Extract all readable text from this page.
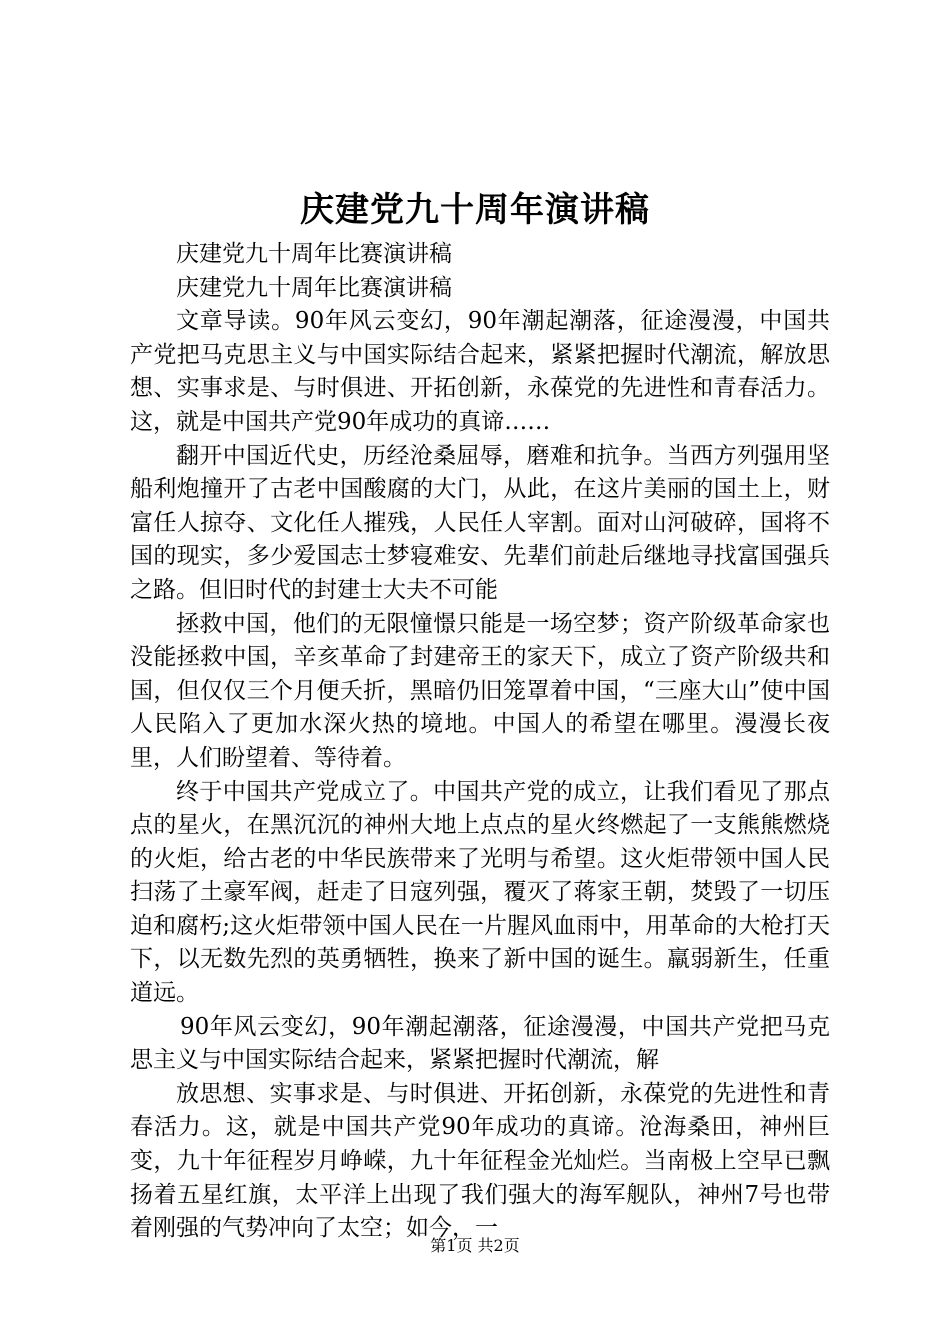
庆建党九十周年演讲稿

庆建党九十周年比赛演讲稿

庆建党九十周年比赛演讲稿

文章导读。90年风云变幻，90年潮起潮落，征途漫漫，中国共产党把马克思主义与中国实际结合起来，紧紧把握时代潮流，解放思想、实事求是、与时俱进、开拓创新，永葆党的先进性和青春活力。这，就是中国共产党90年成功的真谛……

翻开中国近代史，历经沧桑屈辱，磨难和抗争。当西方列强用坚船利炮撞开了古老中国酸腐的大门，从此，在这片美丽的国土上，财富任人掠夺、文化任人摧残，人民任人宰割。面对山河破碎，国将不国的现实，多少爱国志士梦寝难安、先辈们前赴后继地寻找富国强兵之路。但旧时代的封建士大夫不可能

拯救中国，他们的无限憧憬只能是一场空梦；资产阶级革命家也没能拯救中国，辛亥革命了封建帝王的家天下，成立了资产阶级共和国，但仅仅三个月便夭折，黑暗仍旧笼罩着中国，“三座大山”使中国人民陷入了更加水深火热的境地。中国人的希望在哪里。漫漫长夜里，人们盼望着、等待着。

终于中国共产党成立了。中国共产党的成立，让我们看见了那点点的星火，在黑沉沉的神州大地上点点的星火终燃起了一支熊熊燃烧的火炬，给古老的中华民族带来了光明与希望。这火炬带领中国人民扫荡了土豪军阀，赶走了日寇列强，覆灭了蒋家王朝，焚毁了一切压迫和腐朽;这火炬带领中国人民在一片腥风血雨中，用革命的大枪打天下，以无数先烈的英勇牺牲，换来了新中国的诞生。羸弱新生，任重道远。

90年风云变幻，90年潮起潮落，征途漫漫，中国共产党把马克思主义与中国实际结合起来，紧紧把握时代潮流，解

放思想、实事求是、与时俱进、开拓创新，永葆党的先进性和青春活力。这，就是中国共产党90年成功的真谛。沧海桑田，神州巨变，九十年征程岁月峥嵘，九十年征程金光灿烂。当南极上空早已飘扬着五星红旗，太平洋上出现了我们强大的海军舰队，神州7号也带着刚强的气势冲向了太空；如今，一

第1页 共2页
